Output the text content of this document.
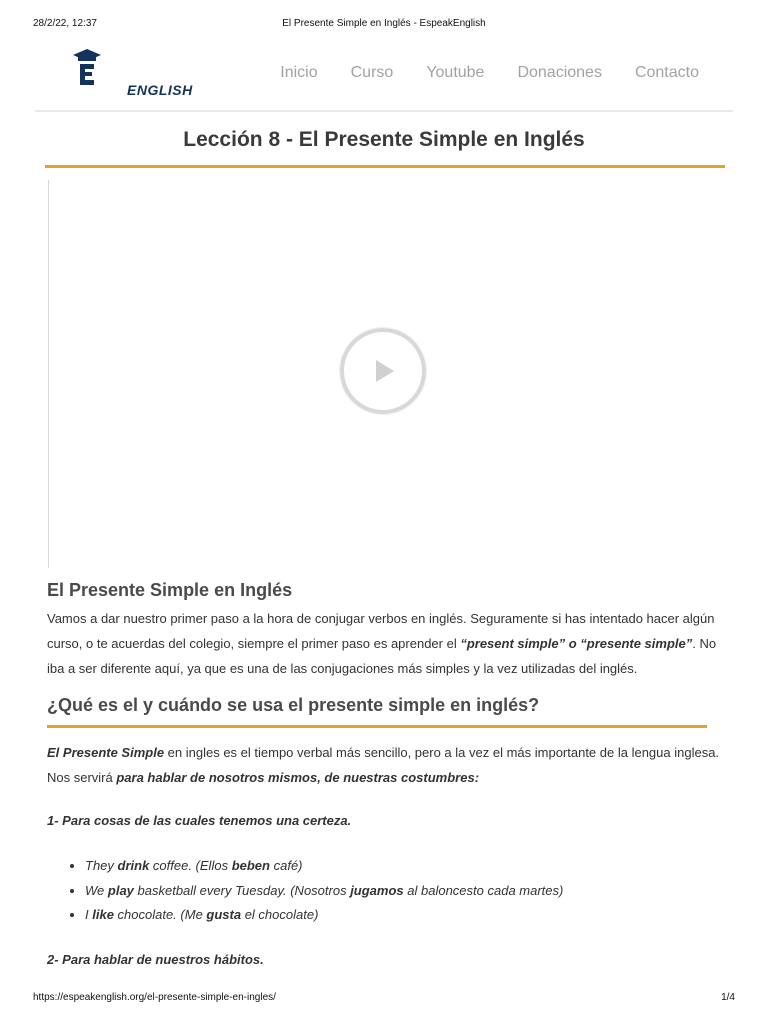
28/2/22, 12:37	El Presente Simple en Inglés - EspeakEnglish
ENGLISH
Inicio Curso Youtube Donaciones Contacto
Lección 8 - El Presente Simple en Inglés
El Presente Simple en Inglés

Vamos a dar nuestro primer paso a la hora de conjugar verbos en inglés. Seguramente si has intentado hacer algún curso, o te acuerdas del colegio, siempre el primer paso es aprender el “present simple” o “presente simple”. No iba a ser diferente aquí, ya que es una de las conjugaciones más simples y la vez utilizadas del inglés.

¿Qué es el y cuándo se usa el presente simple en inglés?

El Presente Simple en ingles es el tiempo verbal más sencillo, pero a la vez el más importante de la lengua inglesa. Nos servirá para hablar de nosotros mismos, de nuestras costumbres:

1- Para cosas de las cuales tenemos una certeza.
• They drink coffee. (Ellos beben café)
• We play basketball every Tuesday. (Nosotros jugamos al baloncesto cada martes)
• I like chocolate. (Me gusta el chocolate)
2- Para hablar de nuestros hábitos.
https://espeakenglish.org/el-presente-simple-en-ingles/	1/4
